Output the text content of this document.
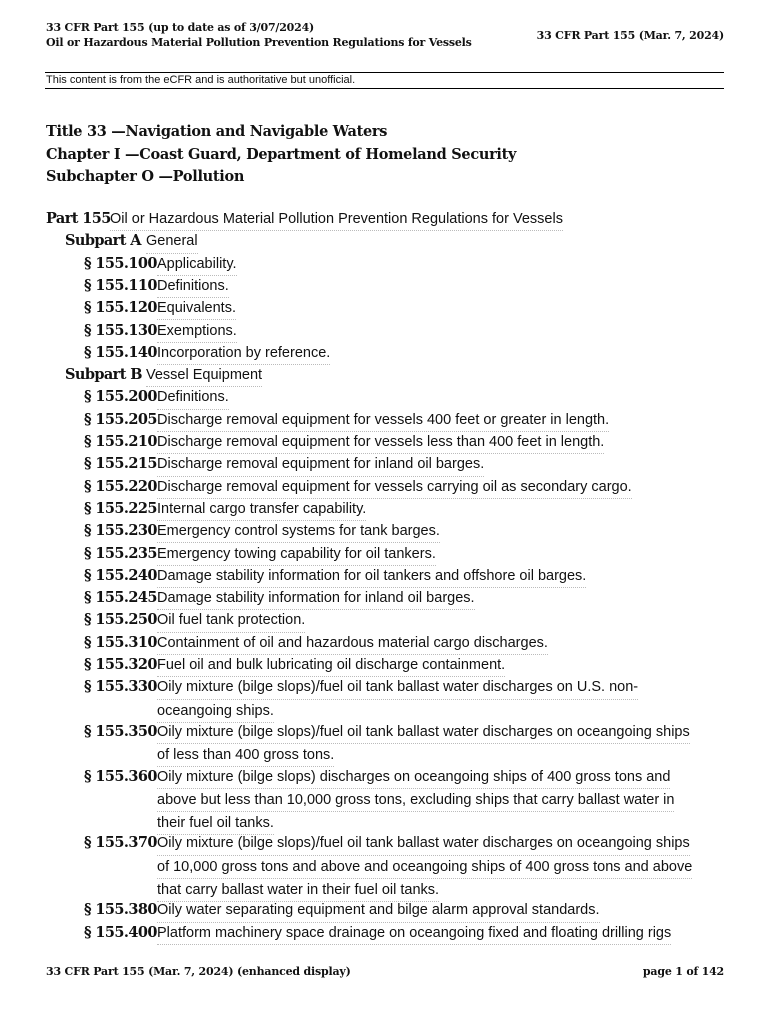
33 CFR Part 155 (up to date as of 3/07/2024)
Oil or Hazardous Material Pollution Prevention Regulations for Vessels
33 CFR Part 155 (Mar. 7, 2024)
This content is from the eCFR and is authoritative but unofficial.
Title 33 —Navigation and Navigable Waters
Chapter I —Coast Guard, Department of Homeland Security
Subchapter O —Pollution
Part 155 Oil or Hazardous Material Pollution Prevention Regulations for Vessels
Subpart A General
§ 155.100 Applicability.
§ 155.110 Definitions.
§ 155.120 Equivalents.
§ 155.130 Exemptions.
§ 155.140 Incorporation by reference.
Subpart B Vessel Equipment
§ 155.200 Definitions.
§ 155.205 Discharge removal equipment for vessels 400 feet or greater in length.
§ 155.210 Discharge removal equipment for vessels less than 400 feet in length.
§ 155.215 Discharge removal equipment for inland oil barges.
§ 155.220 Discharge removal equipment for vessels carrying oil as secondary cargo.
§ 155.225 Internal cargo transfer capability.
§ 155.230 Emergency control systems for tank barges.
§ 155.235 Emergency towing capability for oil tankers.
§ 155.240 Damage stability information for oil tankers and offshore oil barges.
§ 155.245 Damage stability information for inland oil barges.
§ 155.250 Oil fuel tank protection.
§ 155.310 Containment of oil and hazardous material cargo discharges.
§ 155.320 Fuel oil and bulk lubricating oil discharge containment.
§ 155.330 Oily mixture (bilge slops)/fuel oil tank ballast water discharges on U.S. non-
oceangoing ships.
§ 155.350 Oily mixture (bilge slops)/fuel oil tank ballast water discharges on oceangoing ships
of less than 400 gross tons.
§ 155.360 Oily mixture (bilge slops) discharges on oceangoing ships of 400 gross tons and
above but less than 10,000 gross tons, excluding ships that carry ballast water in
their fuel oil tanks.
§ 155.370 Oily mixture (bilge slops)/fuel oil tank ballast water discharges on oceangoing ships
of 10,000 gross tons and above and oceangoing ships of 400 gross tons and above
that carry ballast water in their fuel oil tanks.
§ 155.380 Oily water separating equipment and bilge alarm approval standards.
§ 155.400 Platform machinery space drainage on oceangoing fixed and floating drilling rigs
33 CFR Part 155 (Mar. 7, 2024) (enhanced display)	page 1 of 142
